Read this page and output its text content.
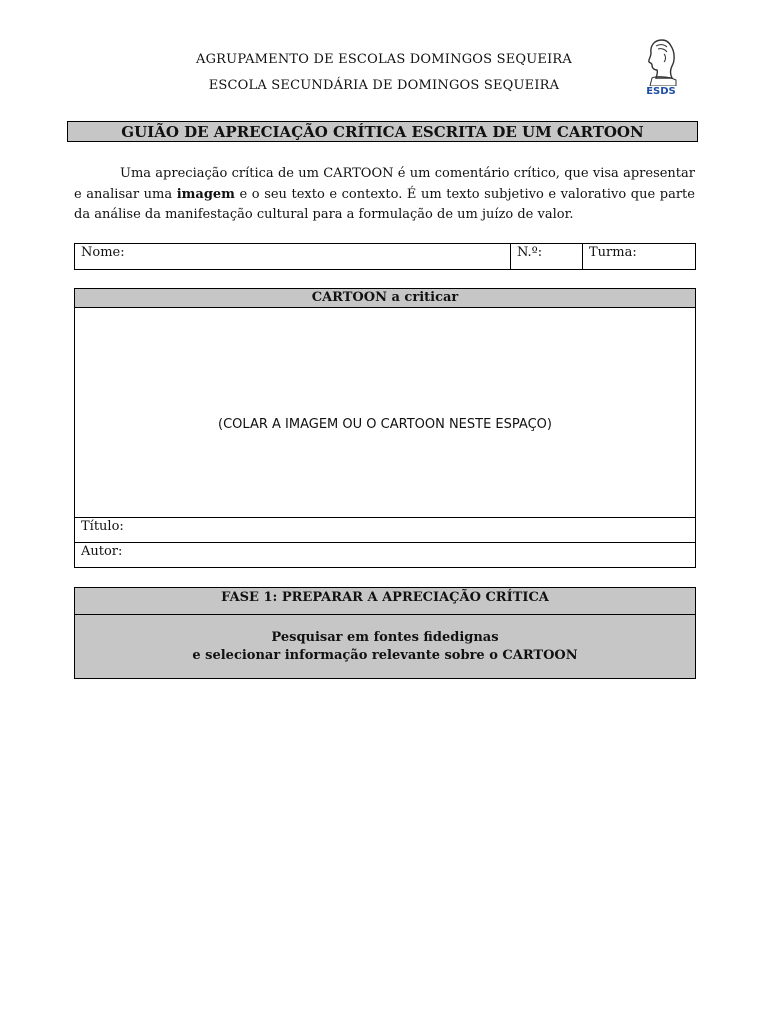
AGRUPAMENTO DE ESCOLAS DOMINGOS SEQUEIRA
ESCOLA SECUNDÁRIA DE DOMINGOS SEQUEIRA	ESDS
GUIÃO DE APRECIAÇÃO CRÍTICA ESCRITA DE UM CARTOON

Uma apreciação crítica de um CARTOON é um comentário crítico, que visa apresentar e analisar uma imagem e o seu texto e contexto. É um texto subjetivo e valorativo que parte da análise da manifestação cultural para a formulação de um juízo de valor.

Nome:	N.º:	Turma:
CARTOON a criticar
(COLAR A IMAGEM OU O CARTOON NESTE ESPAÇO)
Título:
Autor:
FASE 1: PREPARAR A APRECIAÇÃO CRÍTICA
Pesquisar em fontes fidedignas
e selecionar informação relevante sobre o CARTOON
